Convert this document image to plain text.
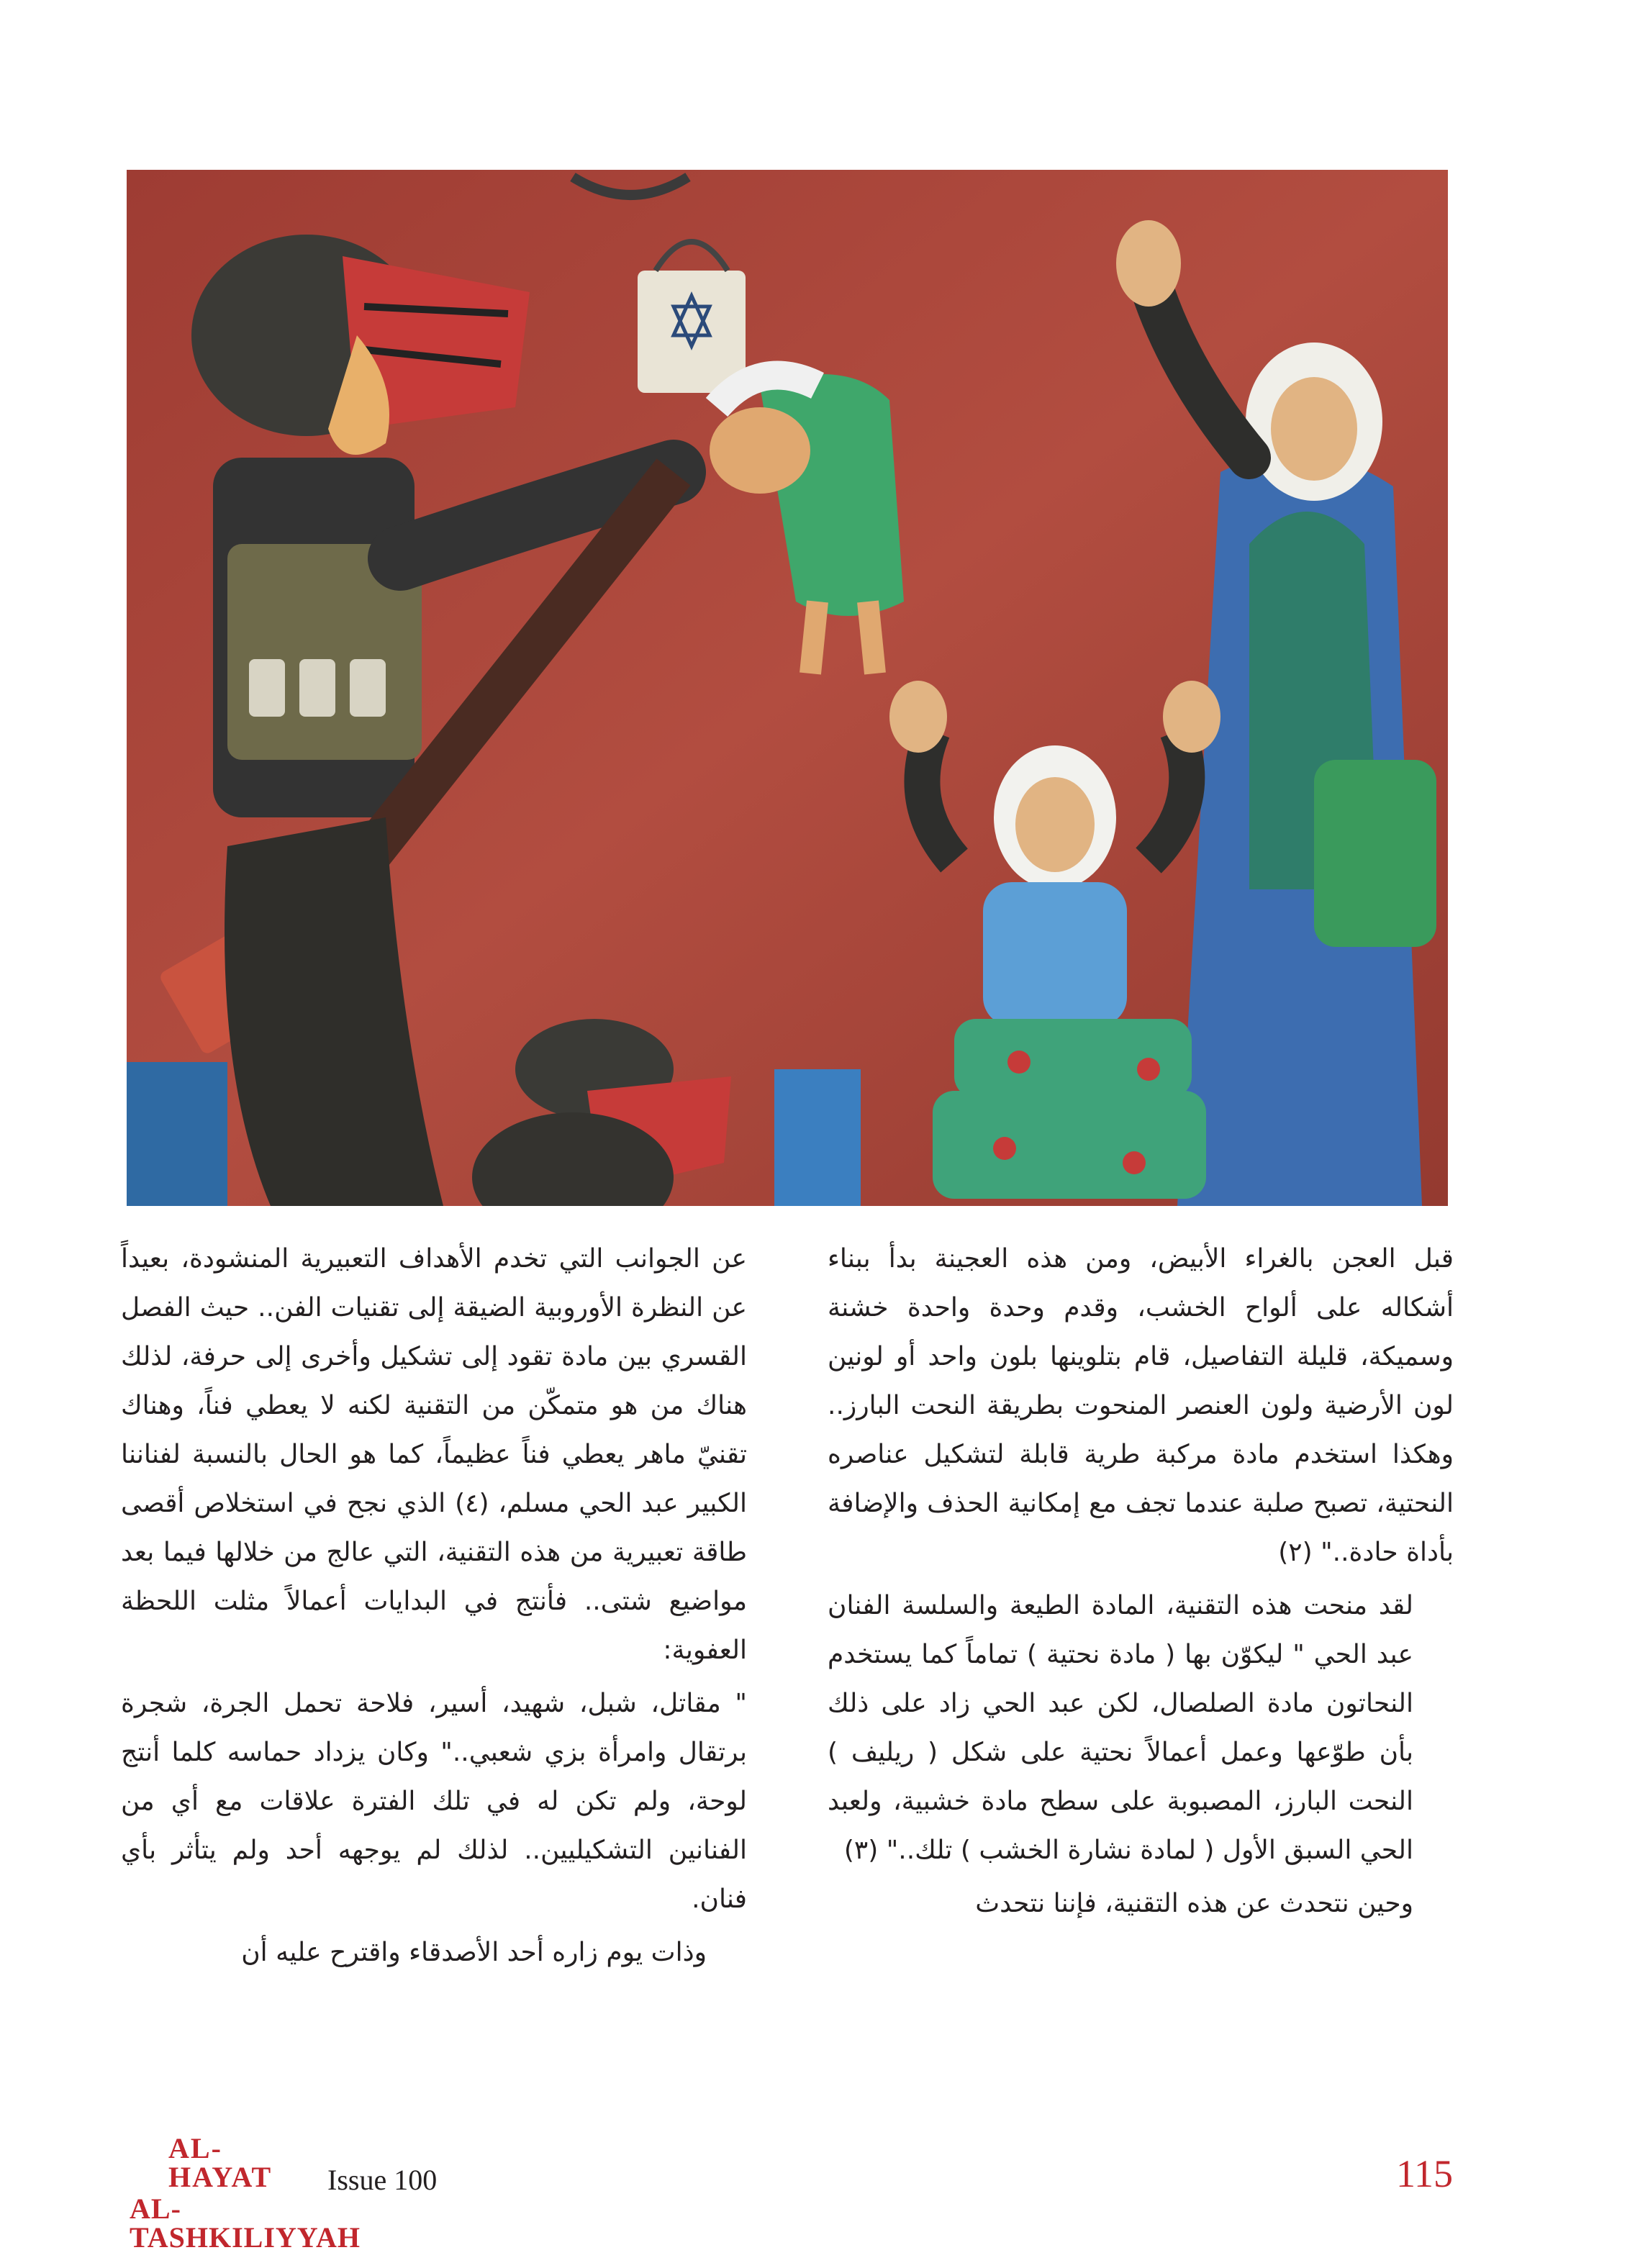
قبل العجن بالغراء الأبيض، ومن هذه العجينة بدأ ببناء أشكاله على ألواح الخشب، وقدم وحدة واحدة خشنة وسميكة، قليلة التفاصيل، قام بتلوينها بلون واحد أو لونين لون الأرضية ولون العنصر المنحوت بطريقة النحت البارز.. وهكذا استخدم مادة مركبة طرية قابلة لتشكيل عناصره النحتية، تصبح صلبة عندما تجف مع إمكانية الحذف والإضافة بأداة حادة.." (٢)

لقد منحت هذه التقنية، المادة الطيعة والسلسة الفنان عبد الحي " ليكوّن بها ( مادة نحتية ) تماماً كما يستخدم النحاتون مادة الصلصال، لكن عبد الحي زاد على ذلك بأن طوّعها وعمل أعمالاً نحتية على شكل ( ريليف ) النحت البارز، المصبوبة على سطح مادة خشبية، ولعبد الحي السبق الأول ( لمادة نشارة الخشب ) تلك.." (٣)

وحين نتحدث عن هذه التقنية، فإننا نتحدث

عن الجوانب التي تخدم الأهداف التعبيرية المنشودة، بعيداً عن النظرة الأوروبية الضيقة إلى تقنيات الفن.. حيث الفصل القسري بين مادة تقود إلى تشكيل وأخرى إلى حرفة، لذلك هناك من هو متمكّن من التقنية لكنه لا يعطي فناً، وهناك تقنيّ ماهر يعطي فناً عظيماً، كما هو الحال بالنسبة لفناننا الكبير عبد الحي مسلم، (٤) الذي نجح في استخلاص أقصى طاقة تعبيرية من هذه التقنية، التي عالج من خلالها فيما بعد مواضيع شتى.. فأنتج في البدايات أعمالاً مثلت اللحظة العفوية:

" مقاتل، شبل، شهيد، أسير، فلاحة تحمل الجرة، شجرة برتقال وامرأة بزي شعبي.." وكان يزداد حماسه كلما أنتج لوحة، ولم تكن له في تلك الفترة علاقات مع أي من الفنانين التشكيليين.. لذلك لم يوجهه أحد ولم يتأثر بأي فنان.

وذات يوم زاره أحد الأصدقاء واقترح عليه أن

AL-HAYAT
AL-TASHKILIYYAH
Issue 100	115
